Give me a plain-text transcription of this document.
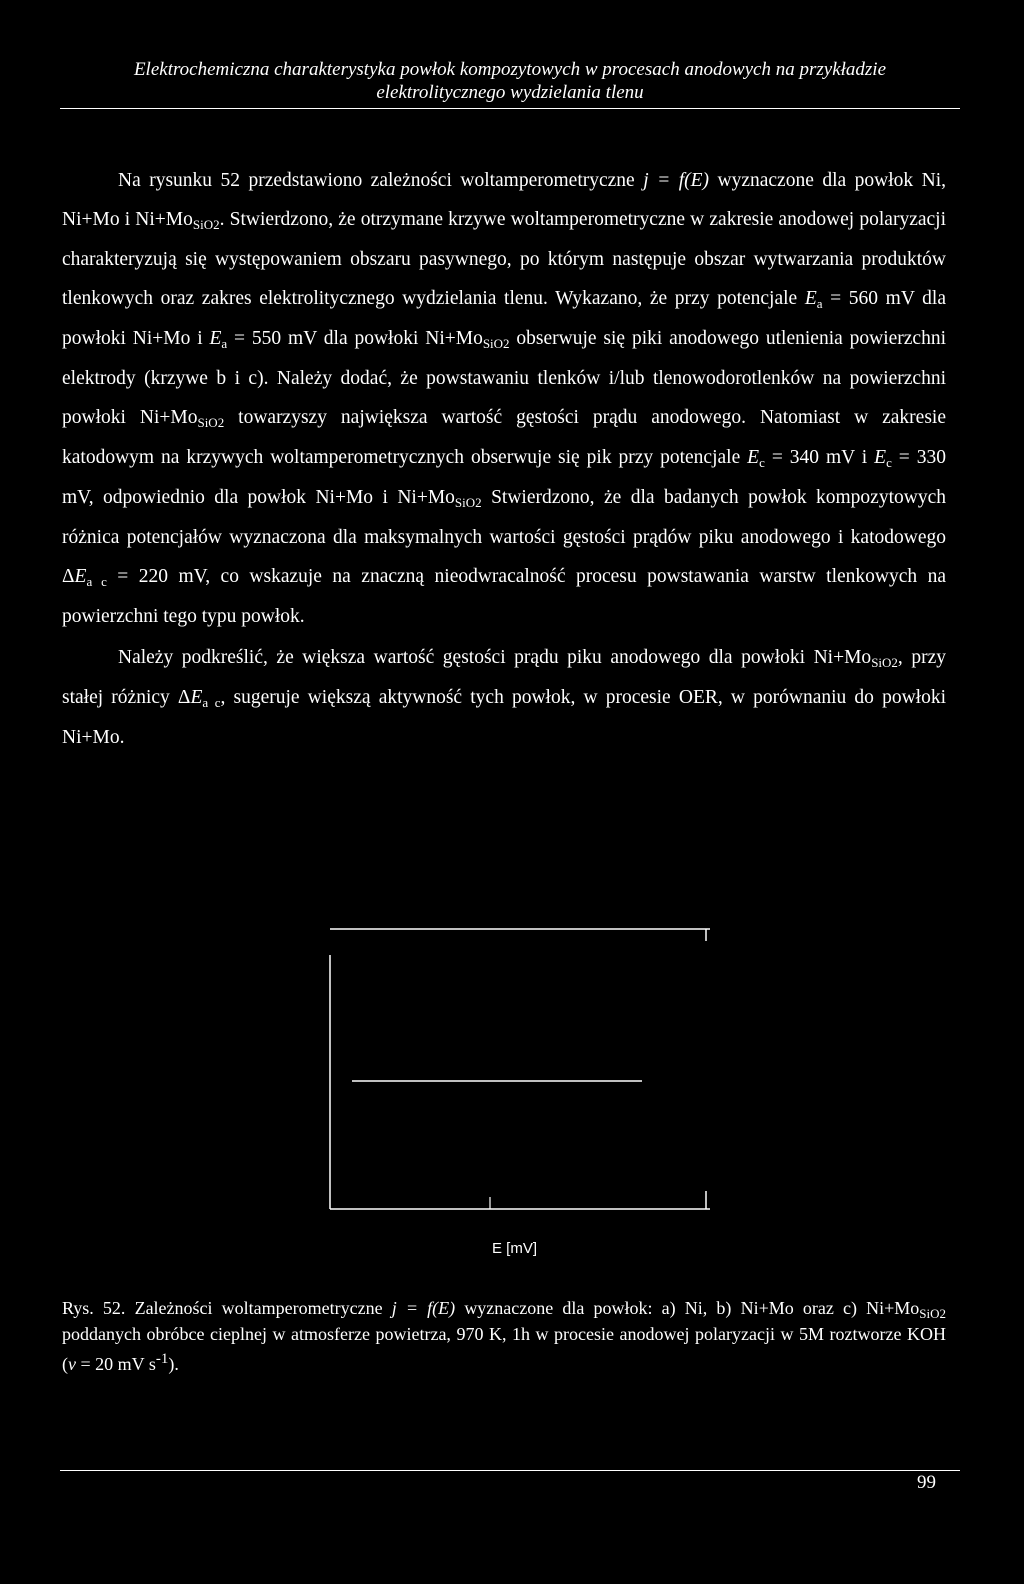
Elektrochemiczna charakterystyka powłok kompozytowych w procesach anodowych na przykładzie
elektrolitycznego wydzielania tlenu

Na rysunku 52 przedstawiono zależności woltamperometryczne j = f(E) wyznaczone dla powłok Ni, Ni+Mo i $Ni+Mo_{SiO2}$. Stwierdzono, że otrzymane krzywe woltamperometryczne w zakresie anodowej polaryzacji charakteryzują się występowaniem obszaru pasywnego, po którym następuje obszar wytwarzania produktów tlenkowych oraz zakres elektrolitycznego wydzielania tlenu. Wykazano, że przy potencjale $E_a = 560$ mV dla powłoki Ni+Mo i $E_a = 550$ mV dla powłoki $Ni+Mo_{SiO2}$ obserwuje się piki anodowego utlenienia powierzchni elektrody (krzywe b i c). Należy dodać, że powstawaniu tlenków i/lub tlenowodorotlenków na powierzchni powłoki $Ni+Mo_{SiO2}$ towarzyszy największa wartość gęstości prądu anodowego. Natomiast w zakresie katodowym na krzywych woltamperometrycznych obserwuje się pik przy potencjale $E_c = 340$ mV i $E_c = 330$ mV, odpowiednio dla powłok Ni+Mo i $Ni+Mo_{SiO2}$ Stwierdzono, że dla badanych powłok kompozytowych różnica potencjałów wyznaczona dla maksymalnych wartości gęstości prądów piku anodowego i katodowego $\Delta E_{a c} = 220$ mV, co wskazuje na znaczną nieodwracalność procesu powstawania warstw tlenkowych na powierzchni tego typu powłok.

Należy podkreślić, że większa wartość gęstości prądu piku anodowego dla powłoki $Ni+Mo_{SiO2}$, przy stałej różnicy $\Delta E_{a c}$, sugeruje większą aktywność tych powłok, w procesie OER, w porównaniu do powłoki Ni+Mo.

E [mV]
Rys. 52. Zależności woltamperometryczne j = f(E) wyznaczone dla powłok: a) Ni, b) Ni+Mo oraz c) $Ni+Mo_{SiO2}$ poddanych obróbce cieplnej w atmosferze powietrza, 970 K, 1h w procesie anodowej polaryzacji w 5M roztworze KOH (v = 20 mV $s^{-1}$).
99
